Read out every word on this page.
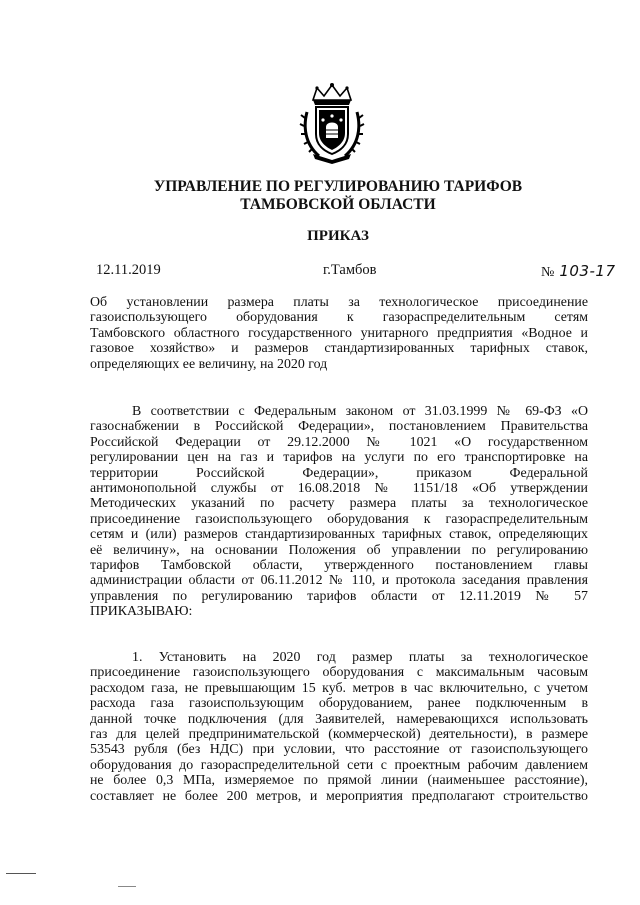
УПРАВЛЕНИЕ ПО РЕГУЛИРОВАНИЮ ТАРИФОВ
ТАМБОВСКОЙ ОБЛАСТИ
ПРИКАЗ
12.11.2019	г.Тамбов	№ 103-17
Об установлении размера платы за технологическое присоединение
газоиспользующего оборудования к газораспределительным сетям
Тамбовского областного государственного унитарного предприятия «Водное и
газовое хозяйство» и размеров стандартизированных тарифных ставок,
определяющих ее величину, на 2020 год
В соответствии с Федеральным законом от 31.03.1999 № 69-ФЗ «О
газоснабжении в Российской Федерации», постановлением Правительства
Российской Федерации от 29.12.2000 № 1021 «О государственном
регулировании цен на газ и тарифов на услуги по его транспортировке на
территории Российской Федерации», приказом Федеральной
антимонопольной службы от 16.08.2018 № 1151/18 «Об утверждении
Методических указаний по расчету размера платы за технологическое
присоединение газоиспользующего оборудования к газораспределительным
сетям и (или) размеров стандартизированных тарифных ставок, определяющих
её величину», на основании Положения об управлении по регулированию
тарифов Тамбовской области, утвержденного постановлением главы
администрации области от 06.11.2012 № 110, и протокола заседания правления
управления по регулированию тарифов области от 12.11.2019 № 57
ПРИКАЗЫВАЮ:
1. Установить на 2020 год размер платы за технологическое
присоединение газоиспользующего оборудования с максимальным часовым
расходом газа, не превышающим 15 куб. метров в час включительно, с учетом
расхода газа газоиспользующим оборудованием, ранее подключенным в
данной точке подключения (для Заявителей, намеревающихся использовать
газ для целей предпринимательской (коммерческой) деятельности), в размере
53543 рубля (без НДС) при условии, что расстояние от газоиспользующего
оборудования до газораспределительной сети с проектным рабочим давлением
не более 0,3 МПа, измеряемое по прямой линии (наименьшее расстояние),
составляет не более 200 метров, и мероприятия предполагают строительство
